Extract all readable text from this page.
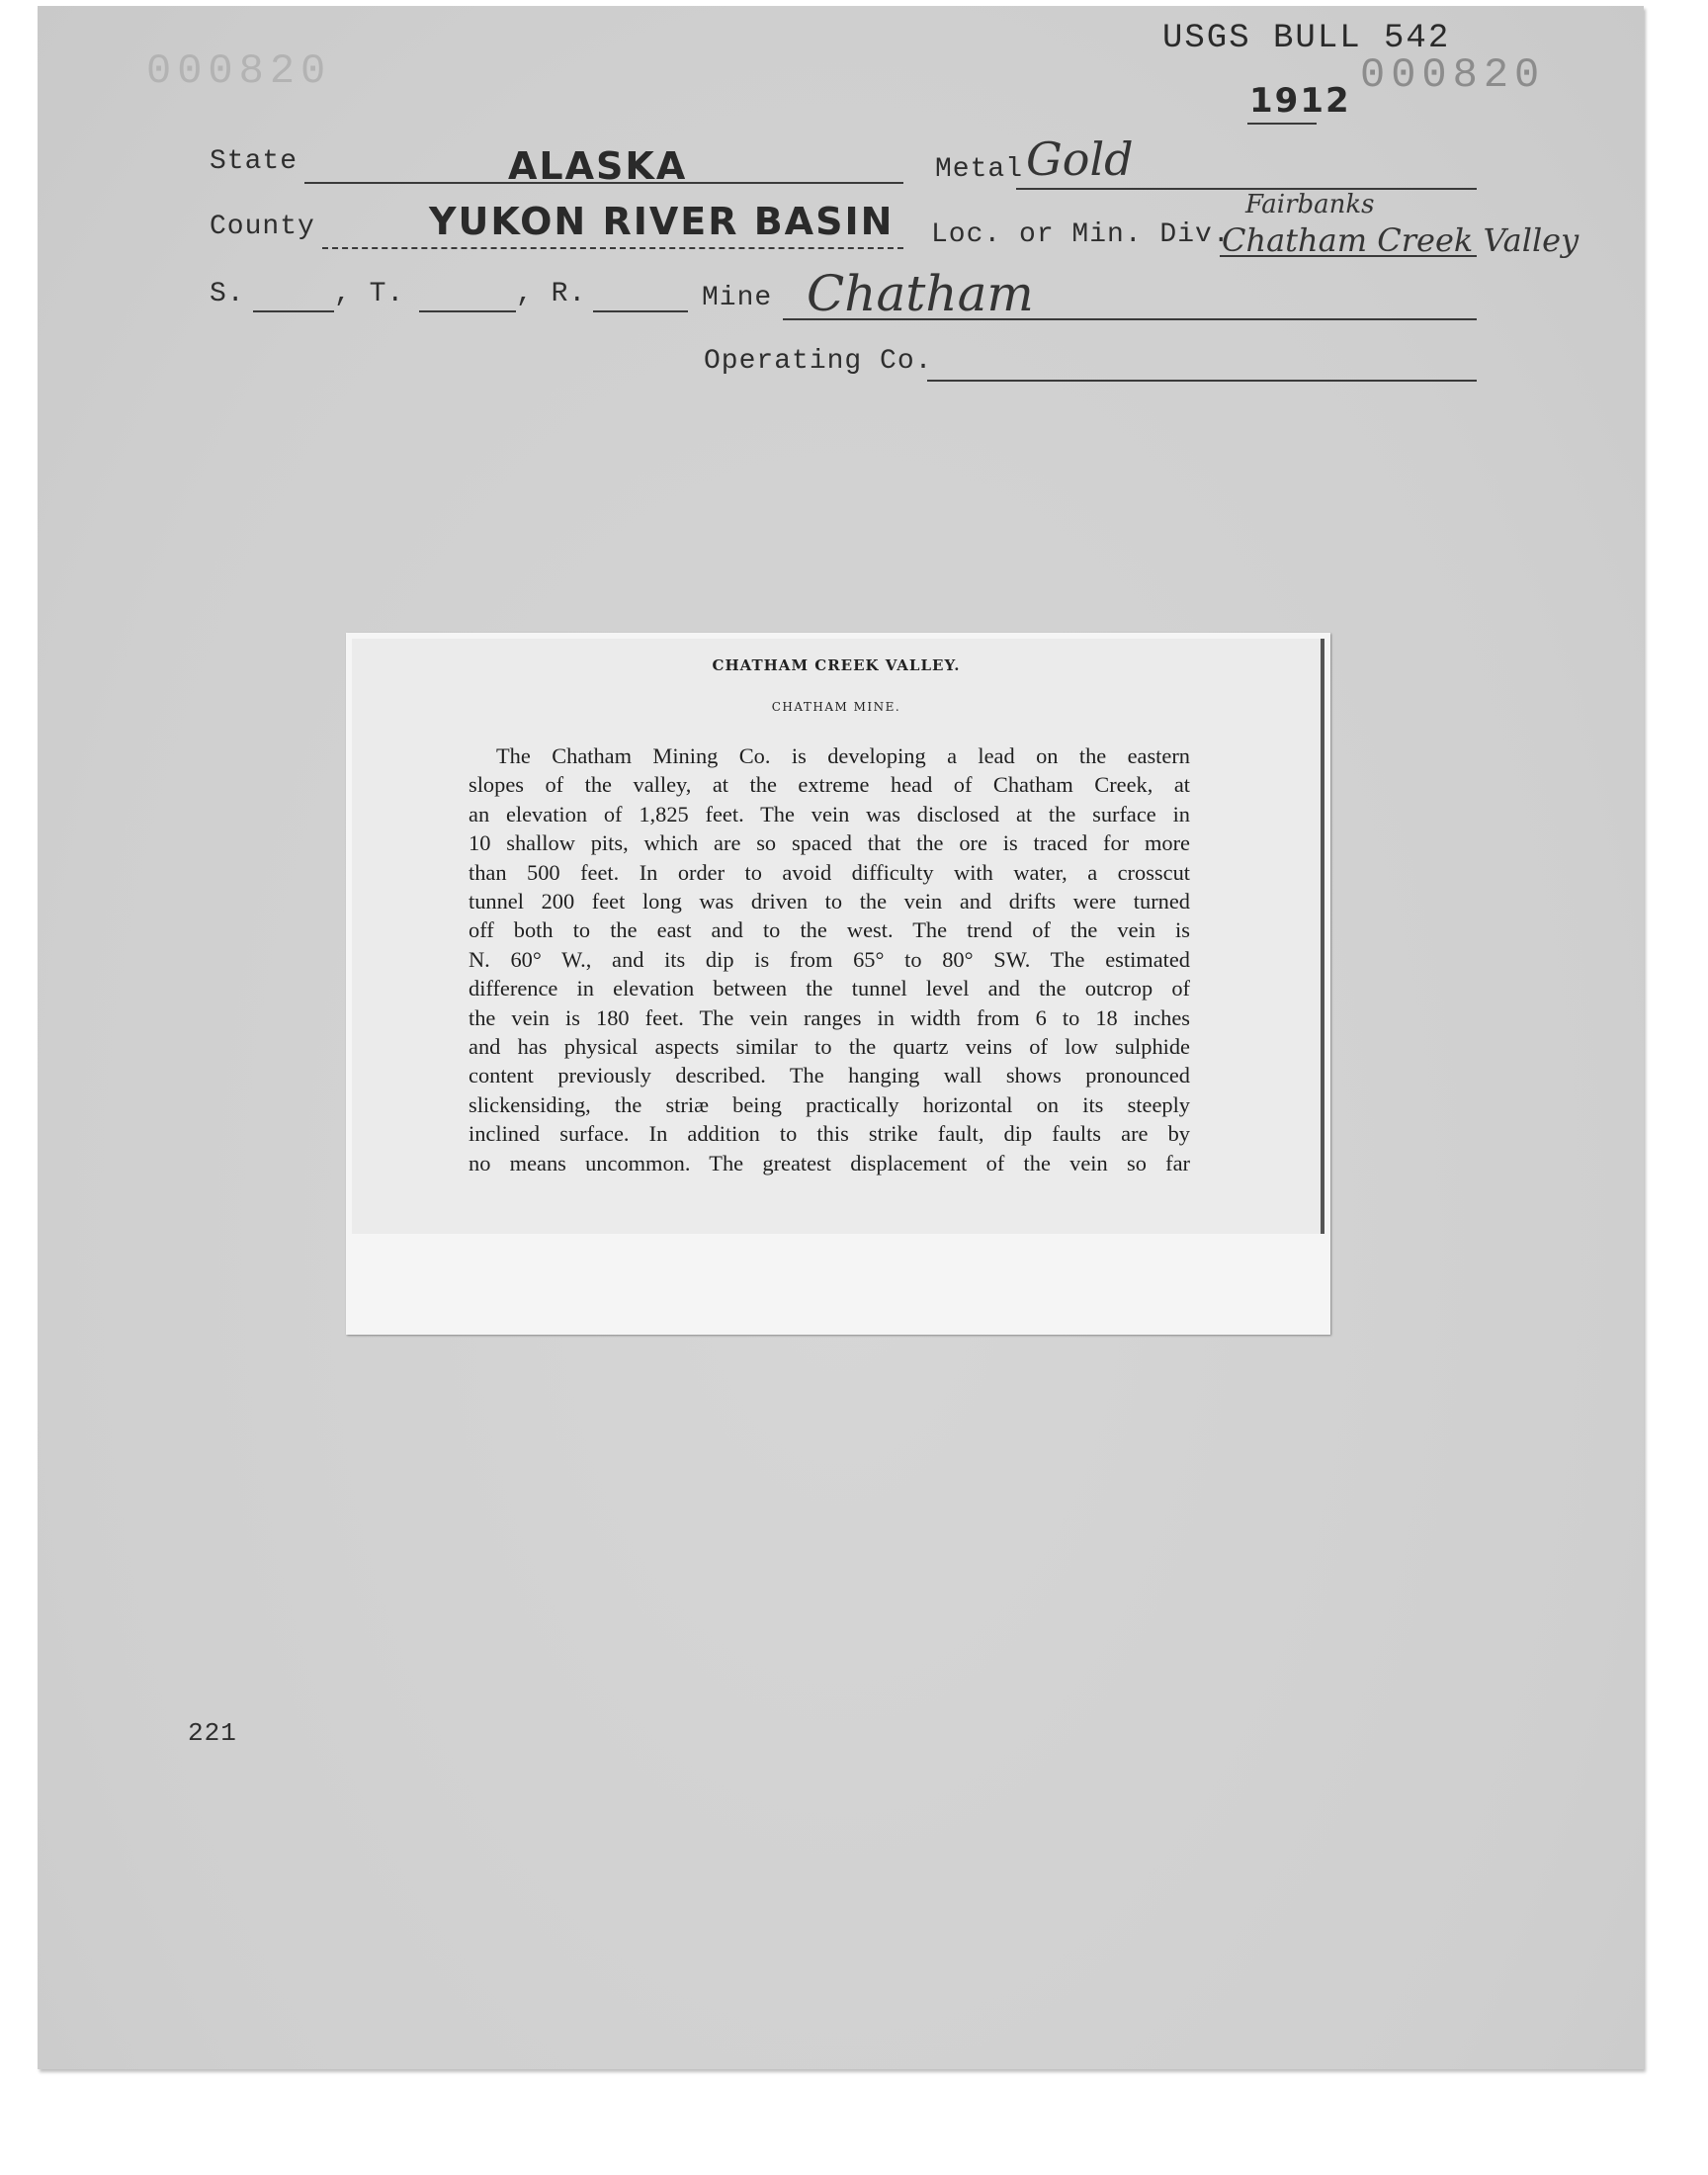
000820
USGS BULL 542
000820
1912
State	ALASKA	Metal Gold
County	YUKON RIVER BASIN Loc. or Min. Div.
Fairbanks
Chatham Creek Valley
S.	, T.	, R.	Mine Chatham
Operating Co.
CHATHAM CREEK VALLEY.
CHATHAM MINE.
The Chatham Mining Co. is developing a lead on the eastern
slopes of the valley, at the extreme head of Chatham Creek, at
an elevation of 1,825 feet. The vein was disclosed at the surface in
10 shallow pits, which are so spaced that the ore is traced for more
than 500 feet. In order to avoid difficulty with water, a crosscut
tunnel 200 feet long was driven to the vein and drifts were turned
off both to the east and to the west. The trend of the vein is
N. 60° W., and its dip is from 65° to 80° SW. The estimated
difference in elevation between the tunnel level and the outcrop of
the vein is 180 feet. The vein ranges in width from 6 to 18 inches
and has physical aspects similar to the quartz veins of low sulphide
content previously described. The hanging wall shows pronounced
slickensiding, the striæ being practically horizontal on its steeply
inclined surface. In addition to this strike fault, dip faults are by
no means uncommon. The greatest displacement of the vein so far
221
